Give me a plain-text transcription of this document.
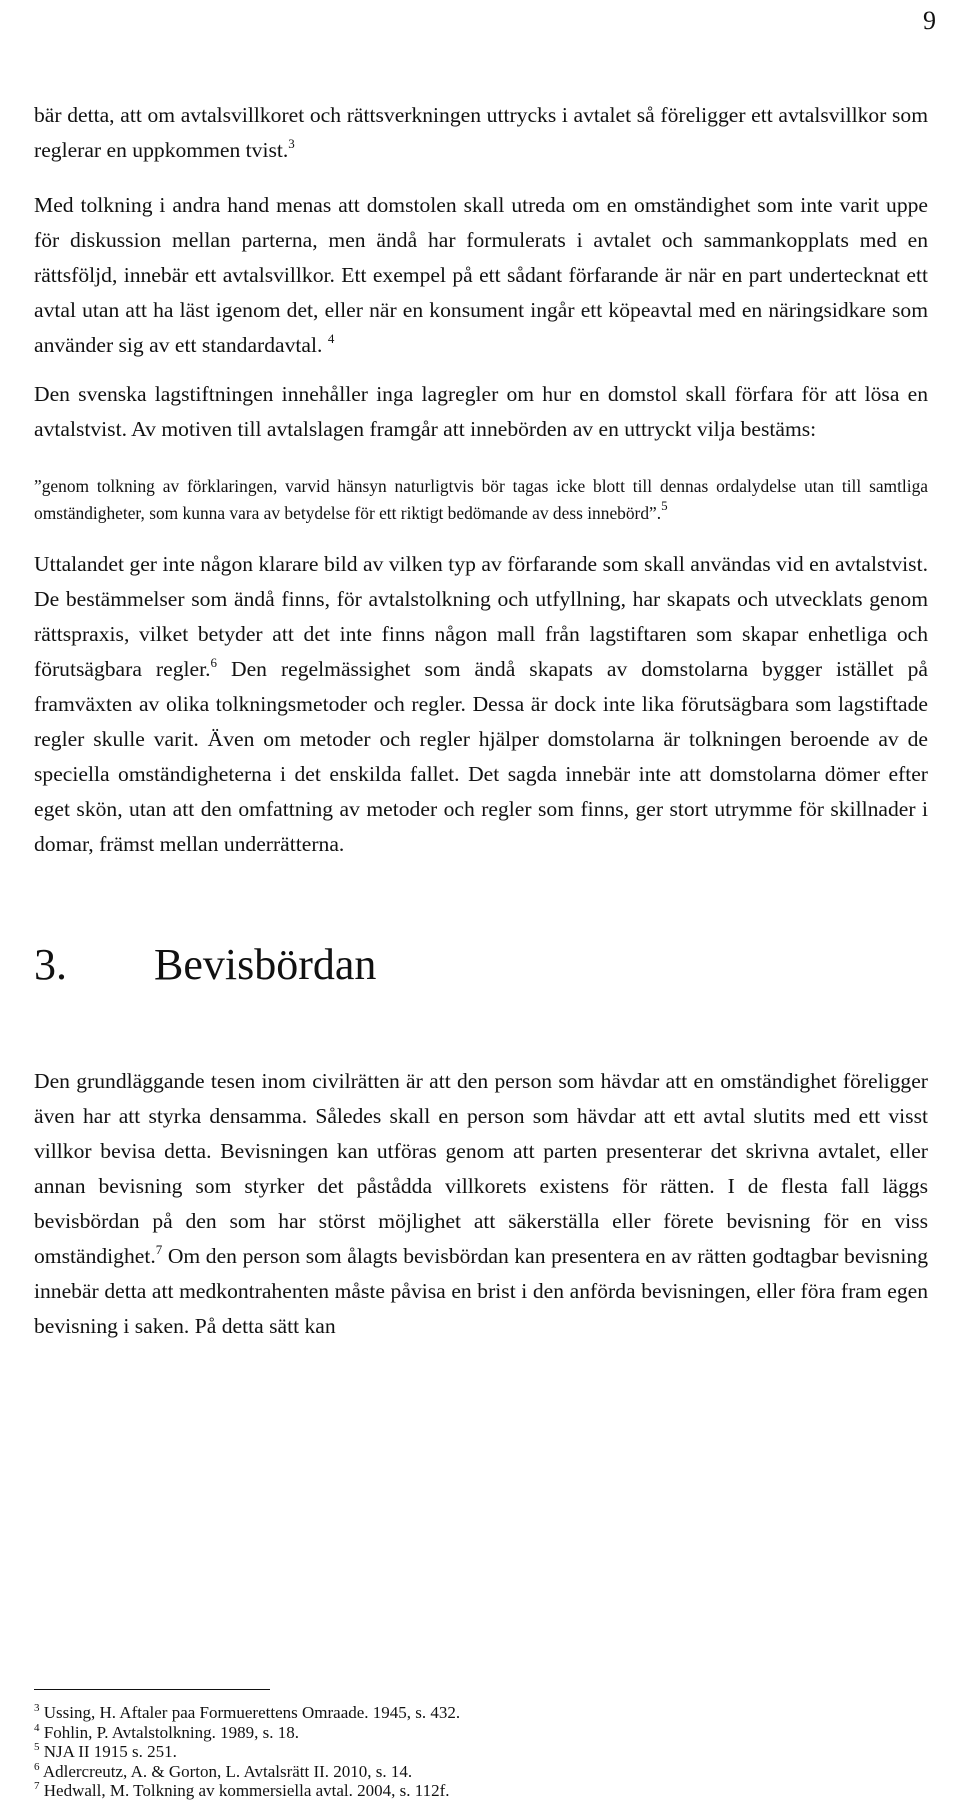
9

bär detta, att om avtalsvillkoret och rättsverkningen uttrycks i avtalet så föreligger ett avtalsvillkor som reglerar en uppkommen tvist.$^3$

Med tolkning i andra hand menas att domstolen skall utreda om en omständighet som inte varit uppe för diskussion mellan parterna, men ändå har formulerats i avtalet och sammankopplats med en rättsföljd, innebär ett avtalsvillkor. Ett exempel på ett sådant förfarande är när en part undertecknat ett avtal utan att ha läst igenom det, eller när en konsument ingår ett köpeavtal med en näringsidkare som använder sig av ett standardavtal. $^4$

Den svenska lagstiftningen innehåller inga lagregler om hur en domstol skall förfara för att lösa en avtalstvist. Av motiven till avtalslagen framgår att innebörden av en uttryckt vilja bestäms:

”genom tolkning av förklaringen, varvid hänsyn naturligtvis bör tagas icke blott till dennas ordalydelse utan till samtliga omständigheter, som kunna vara av betydelse för ett riktigt bedömande av dess innebörd”.$^5$

Uttalandet ger inte någon klarare bild av vilken typ av förfarande som skall användas vid en avtalstvist. De bestämmelser som ändå finns, för avtalstolkning och utfyllning, har skapats och utvecklats genom rättspraxis, vilket betyder att det inte finns någon mall från lagstiftaren som skapar enhetliga och förutsägbara regler.$^6$ Den regelmässighet som ändå skapats av domstolarna bygger istället på framväxten av olika tolkningsmetoder och regler. Dessa är dock inte lika förutsägbara som lagstiftade regler skulle varit. Även om metoder och regler hjälper domstolarna är tolkningen beroende av de speciella omständigheterna i det enskilda fallet. Det sagda innebär inte att domstolarna dömer efter eget skön, utan att den omfattning av metoder och regler som finns, ger stort utrymme för skillnader i domar, främst mellan underrätterna.

3.	Bevisbördan

Den grundläggande tesen inom civilrätten är att den person som hävdar att en omständighet föreligger även har att styrka densamma. Således skall en person som hävdar att ett avtal slutits med ett visst villkor bevisa detta. Bevisningen kan utföras genom att parten presenterar det skrivna avtalet, eller annan bevisning som styrker det påstådda villkorets existens för rätten. I de flesta fall läggs bevisbördan på den som har störst möjlighet att säkerställa eller förete bevisning för en viss omständighet.$^7$ Om den person som ålagts bevisbördan kan presentera en av rätten godtagbar bevisning innebär detta att medkontrahenten måste påvisa en brist i den anförda bevisningen, eller föra fram egen bevisning i saken. På detta sätt kan

$^3$ Ussing, H. Aftaler paa Formuerettens Omraade. 1945, s. 432.
$^4$ Fohlin, P. Avtalstolkning. 1989, s. 18.
$^5$ NJA II 1915 s. 251.
$^6$ Adlercreutz, A. & Gorton, L. Avtalsrätt II. 2010, s. 14.
$^7$ Hedwall, M. Tolkning av kommersiella avtal. 2004, s. 112f.
